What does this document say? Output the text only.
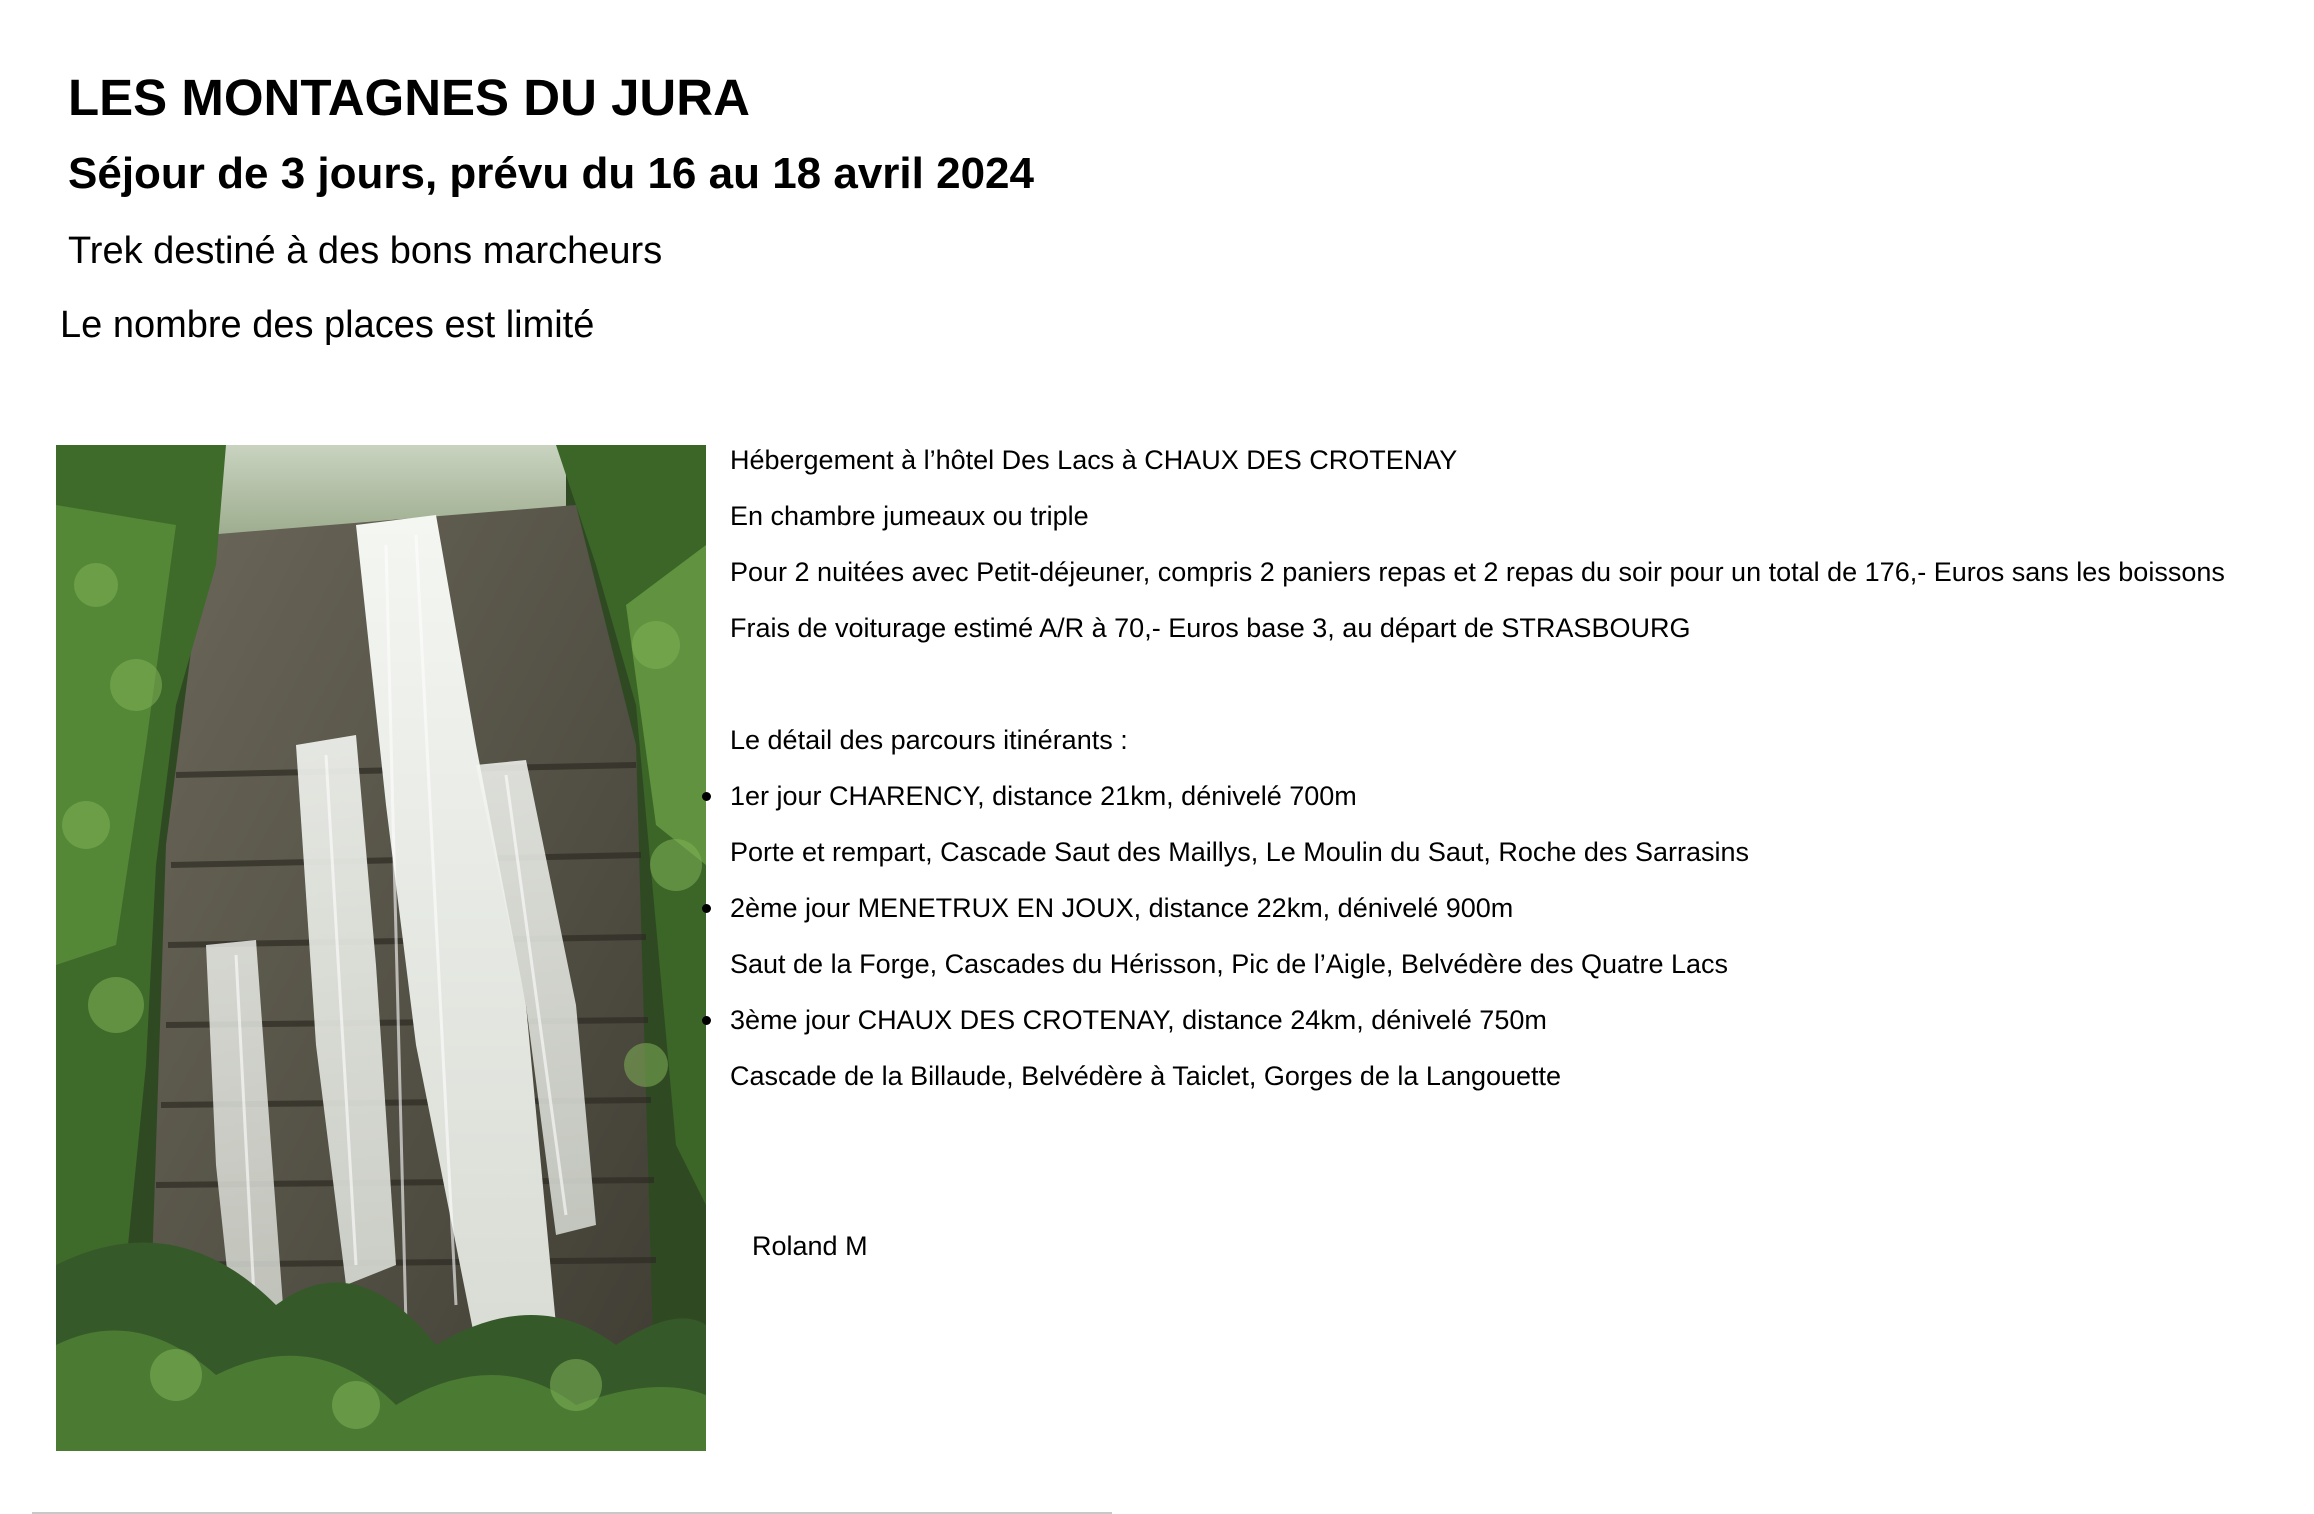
LES MONTAGNES DU JURA
Séjour de 3 jours, prévu du 16 au 18 avril 2024
Trek destiné à des bons marcheurs
Le nombre des places est limité
Hébergement à l’hôtel Des Lacs à CHAUX DES CROTENAY
En chambre jumeaux ou triple
Pour 2 nuitées avec Petit-déjeuner, compris 2 paniers repas et 2 repas du soir pour un total de 176,- Euros sans les boissons
Frais de voiturage estimé A/R à 70,- Euros base 3, au départ de STRASBOURG
Le détail des parcours itinérants :
1er jour CHARENCY, distance 21km, dénivelé 700m
Porte et rempart, Cascade Saut des Maillys, Le Moulin du Saut, Roche des Sarrasins
2ème jour MENETRUX EN JOUX, distance 22km, dénivelé 900m
Saut de la Forge, Cascades du Hérisson, Pic de l’Aigle, Belvédère des Quatre Lacs
3ème jour CHAUX DES CROTENAY, distance 24km, dénivelé 750m
Cascade de la Billaude, Belvédère à Taiclet, Gorges de la Langouette
Roland M
